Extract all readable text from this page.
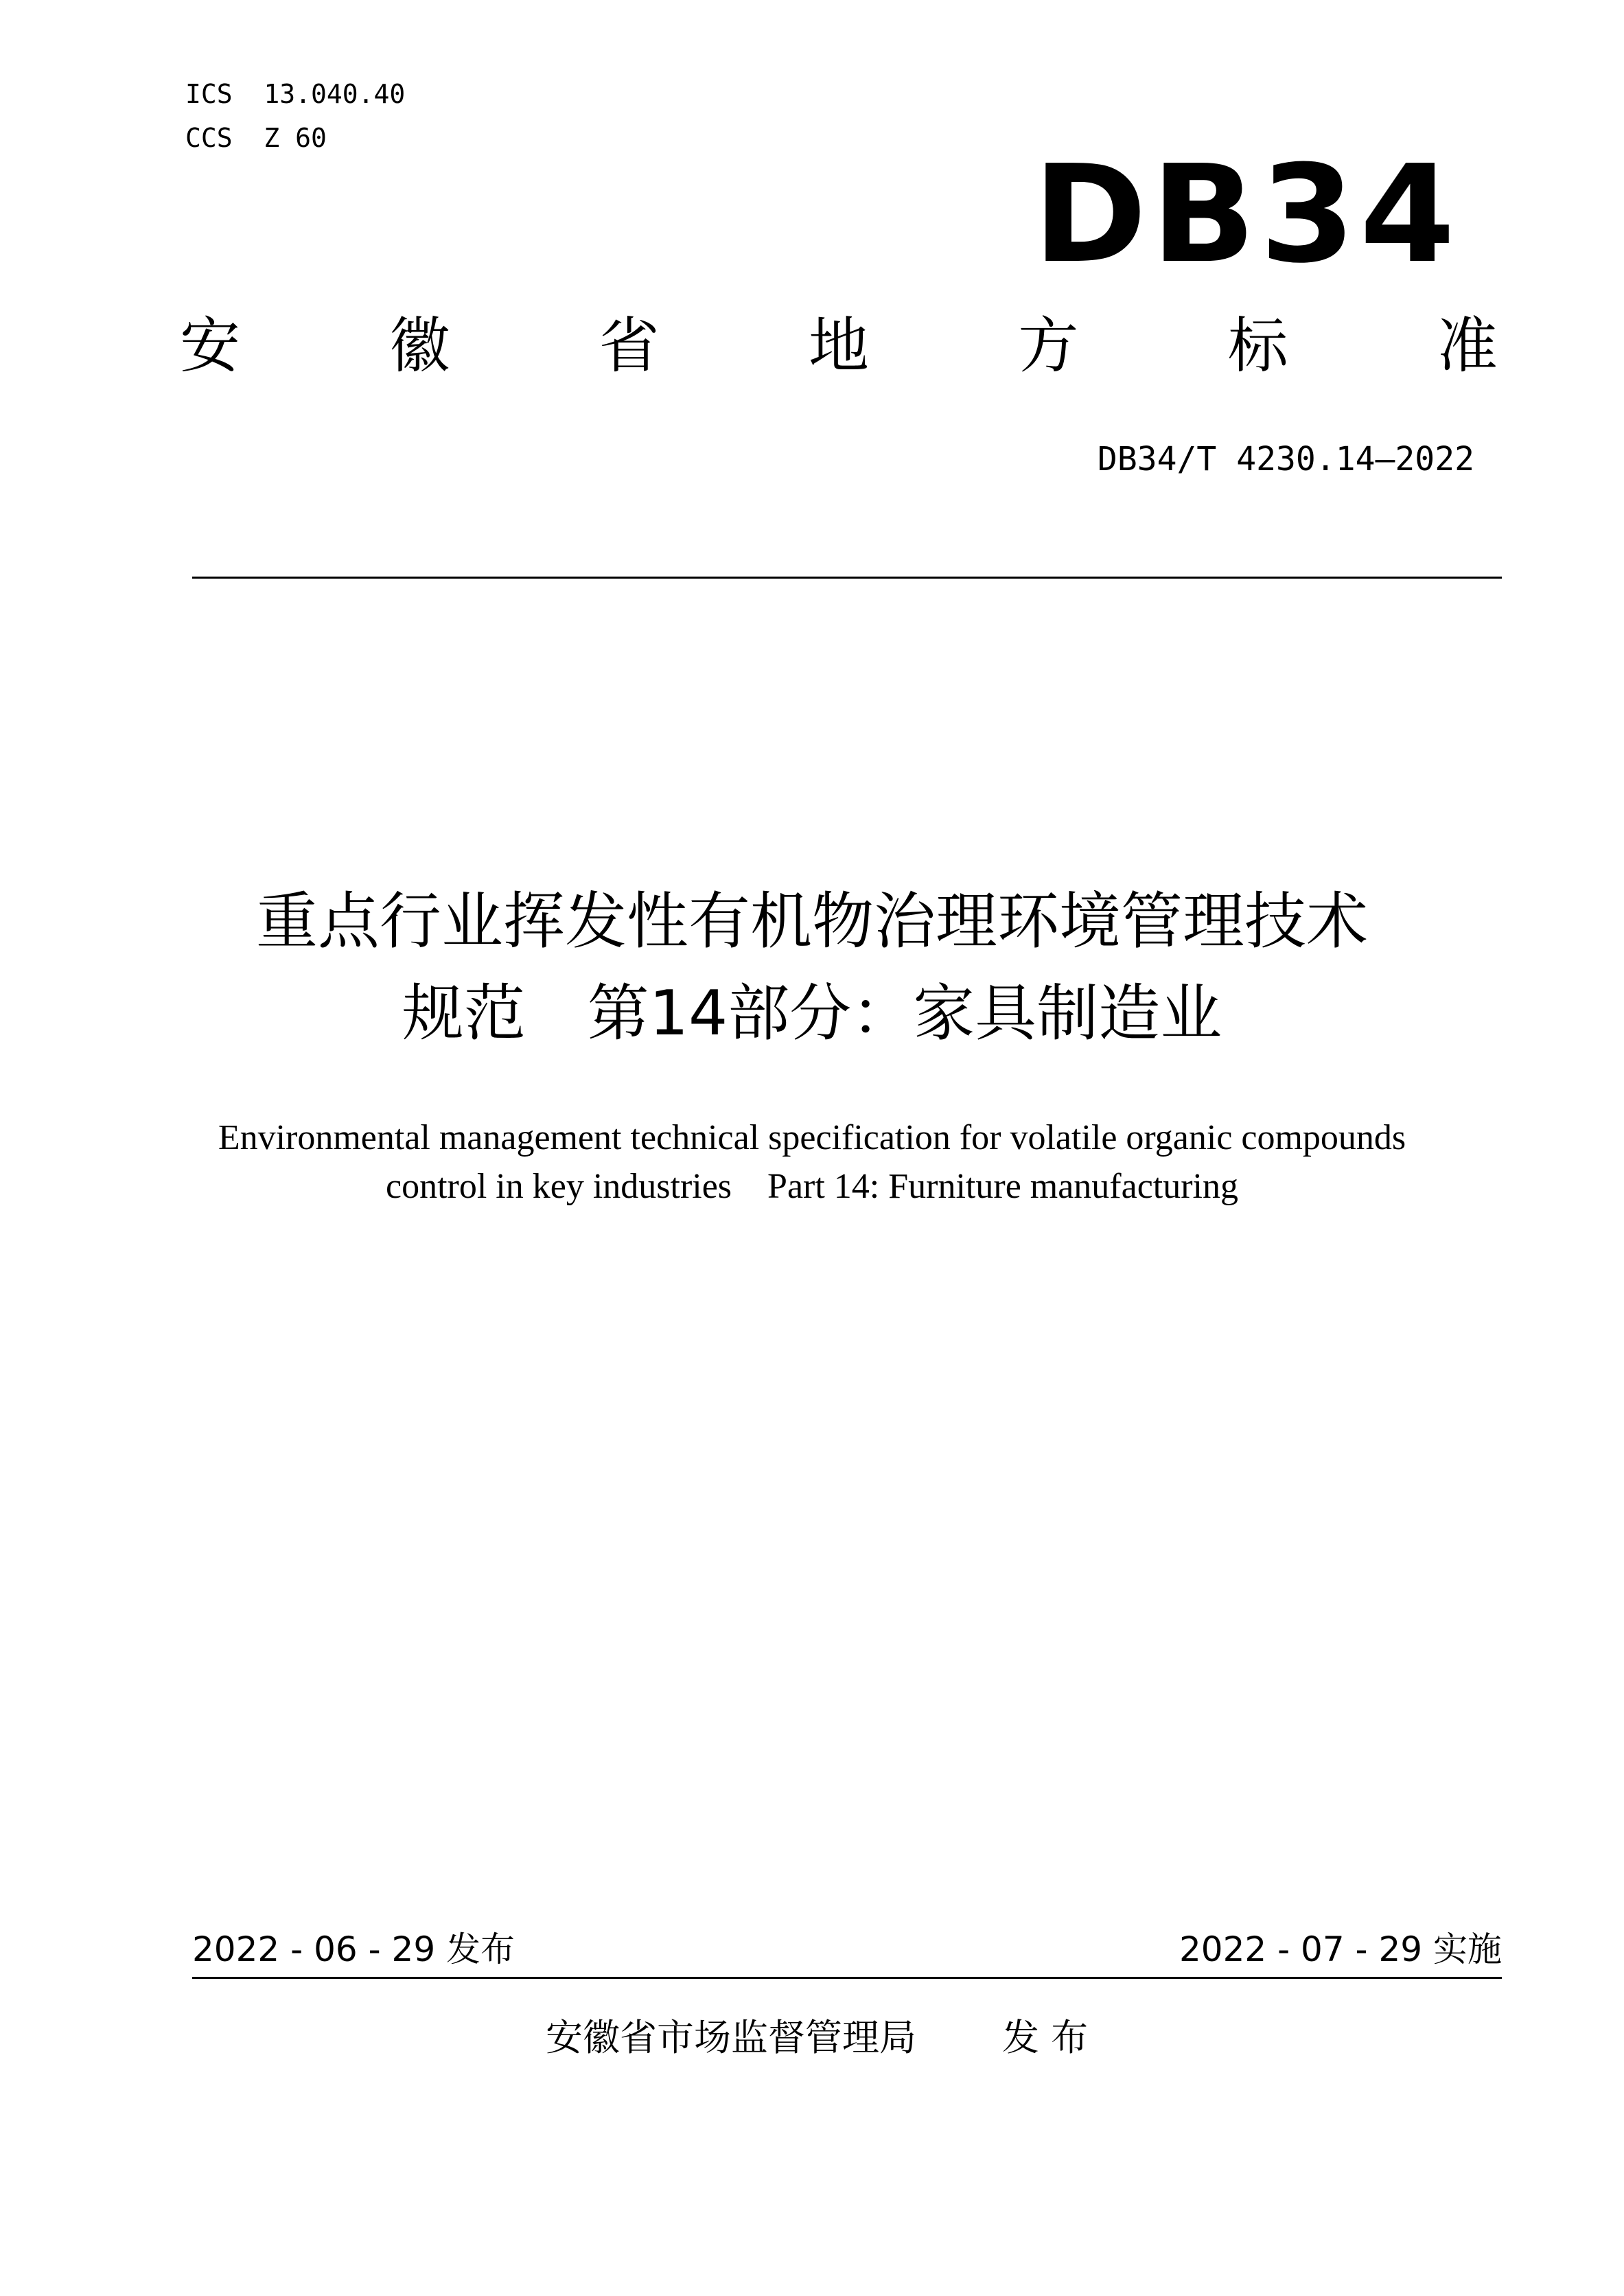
ICS  13.040.40
CCS  Z 60	DB34
安 徽 省 地 方 标 准
DB34/T 4230.14—2022
重点行业挥发性有机物治理环境管理技术
规范　第14部分：家具制造业
Environmental management technical specification for volatile organic compounds
control in key industries    Part 14: Furniture manufacturing
2022 - 06 - 29 发布	2022 - 07 - 29 实施
安徽省市场监督管理局 发 布
